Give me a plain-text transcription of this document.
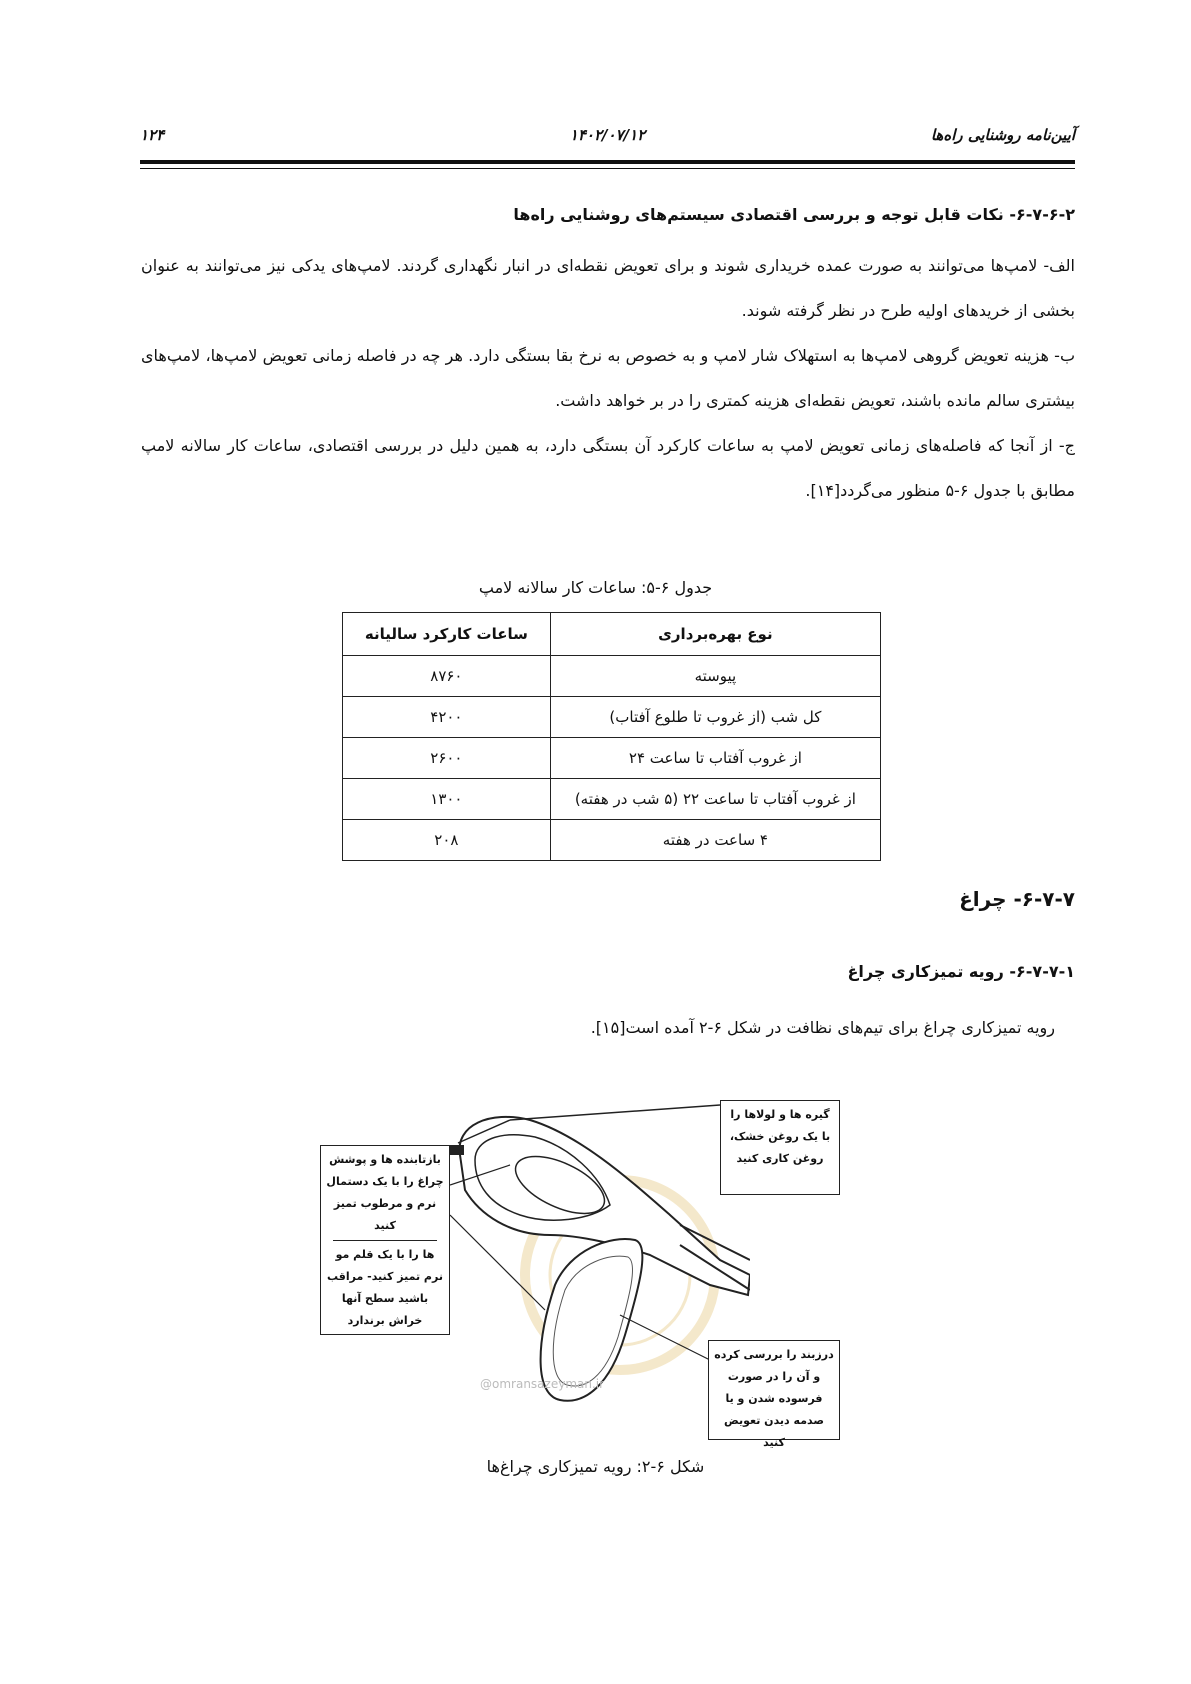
آیین‌نامه روشنایی راه‌ها
۱۴۰۲/۰۷/۱۲
۱۲۴
۶-۷-۶-۲- نکات قابل توجه و بررسی اقتصادی سیستم‌های روشنایی راه‌ها
الف- لامپ‌ها می‌توانند به صورت عمده خریداری شوند و برای تعویض نقطه‌ای در انبار نگهداری گردند. لامپ‌های یدکی نیز می‌توانند به عنوان بخشی از خریدهای اولیه طرح در نظر گرفته شوند.
ب- هزینه تعویض گروهی لامپ‌ها به استهلاک شار لامپ و به خصوص به نرخ بقا بستگی دارد. هر چه در فاصله زمانی تعویض لامپ‌ها، لامپ‌های بیشتری سالم مانده باشند، تعویض نقطه‌ای هزینه کمتری را در بر خواهد داشت.
ج- از آنجا که فاصله‌های زمانی تعویض لامپ به ساعات کارکرد آن بستگی دارد، به همین دلیل در بررسی اقتصادی، ساعات کار سالانه لامپ مطابق با جدول ۶-۵ منظور می‌گردد[۱۴].
جدول ۶-۵: ساعات کار سالانه لامپ
نوع بهره‌برداری	ساعات کارکرد سالیانه
پیوسته	۸۷۶۰
کل شب (از غروب تا طلوع آفتاب)	۴۲۰۰
از غروب آفتاب تا ساعت ۲۴	۲۶۰۰
از غروب آفتاب تا ساعت ۲۲ (۵ شب در هفته)	۱۳۰۰
۴ ساعت در هفته	۲۰۸
۶-۷-۷- چراغ
۶-۷-۷-۱- رویه تمیزکاری چراغ
رویه تمیزکاری چراغ برای تیم‌های نظافت در شکل ۶-۲ آمده است[۱۵].
بازتابنده ها و پوشش چراغ را با یک دستمال نرم و مرطوب تمیز کنید
ها را با یک قلم مو نرم تمیز کنید- مراقب باشید سطح آنها خراش برندارد
@omransazeyman.ir
گیره ها و لولاها را با یک روغن خشک، روغن کاری کنید
درزبند را بررسی کرده و آن را در صورت فرسوده شدن و یا صدمه دیدن تعویض کنید
شکل ۶-۲: رویه تمیزکاری چراغ‌ها
